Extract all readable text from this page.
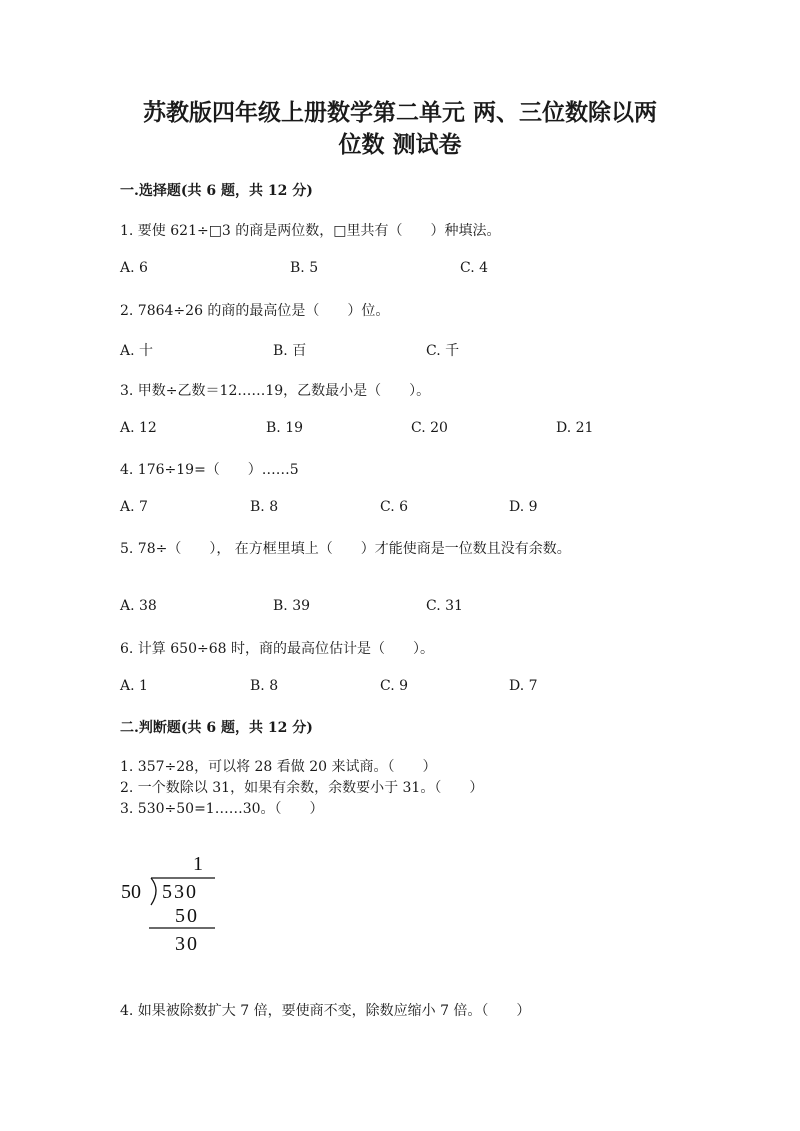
苏教版四年级上册数学第二单元 两、三位数除以两
位数 测试卷
一.选择题(共 6 题，共 12 分)
1. 要使 621÷□3 的商是两位数，□里共有（　　）种填法。
A. 6	B. 5	C. 4
2. 7864÷26 的商的最高位是（　　）位。
A. 十	B. 百	C. 千
3. 甲数÷乙数＝12……19，乙数最小是（　　）。
A. 12	B. 19	C. 20	D. 21
4. 176÷19=（　　）……5
A. 7	B. 8	C. 6	D. 9
5. 78÷（　　）， 在方框里填上（　　）才能使商是一位数且没有余数。
A. 38	B. 39	C. 31
6. 计算 650÷68 时，商的最高位估计是（　　）。
A. 1	B. 8	C. 9	D. 7
二.判断题(共 6 题，共 12 分)
1. 357÷28，可以将 28 看做 20 来试商。（　　）
2. 一个数除以 31，如果有余数，余数要小于 31。（　　）
3. 530÷50=1……30。（　　）
1
50 530
50
30
4. 如果被除数扩大 7 倍，要使商不变，除数应缩小 7 倍。（　　）
